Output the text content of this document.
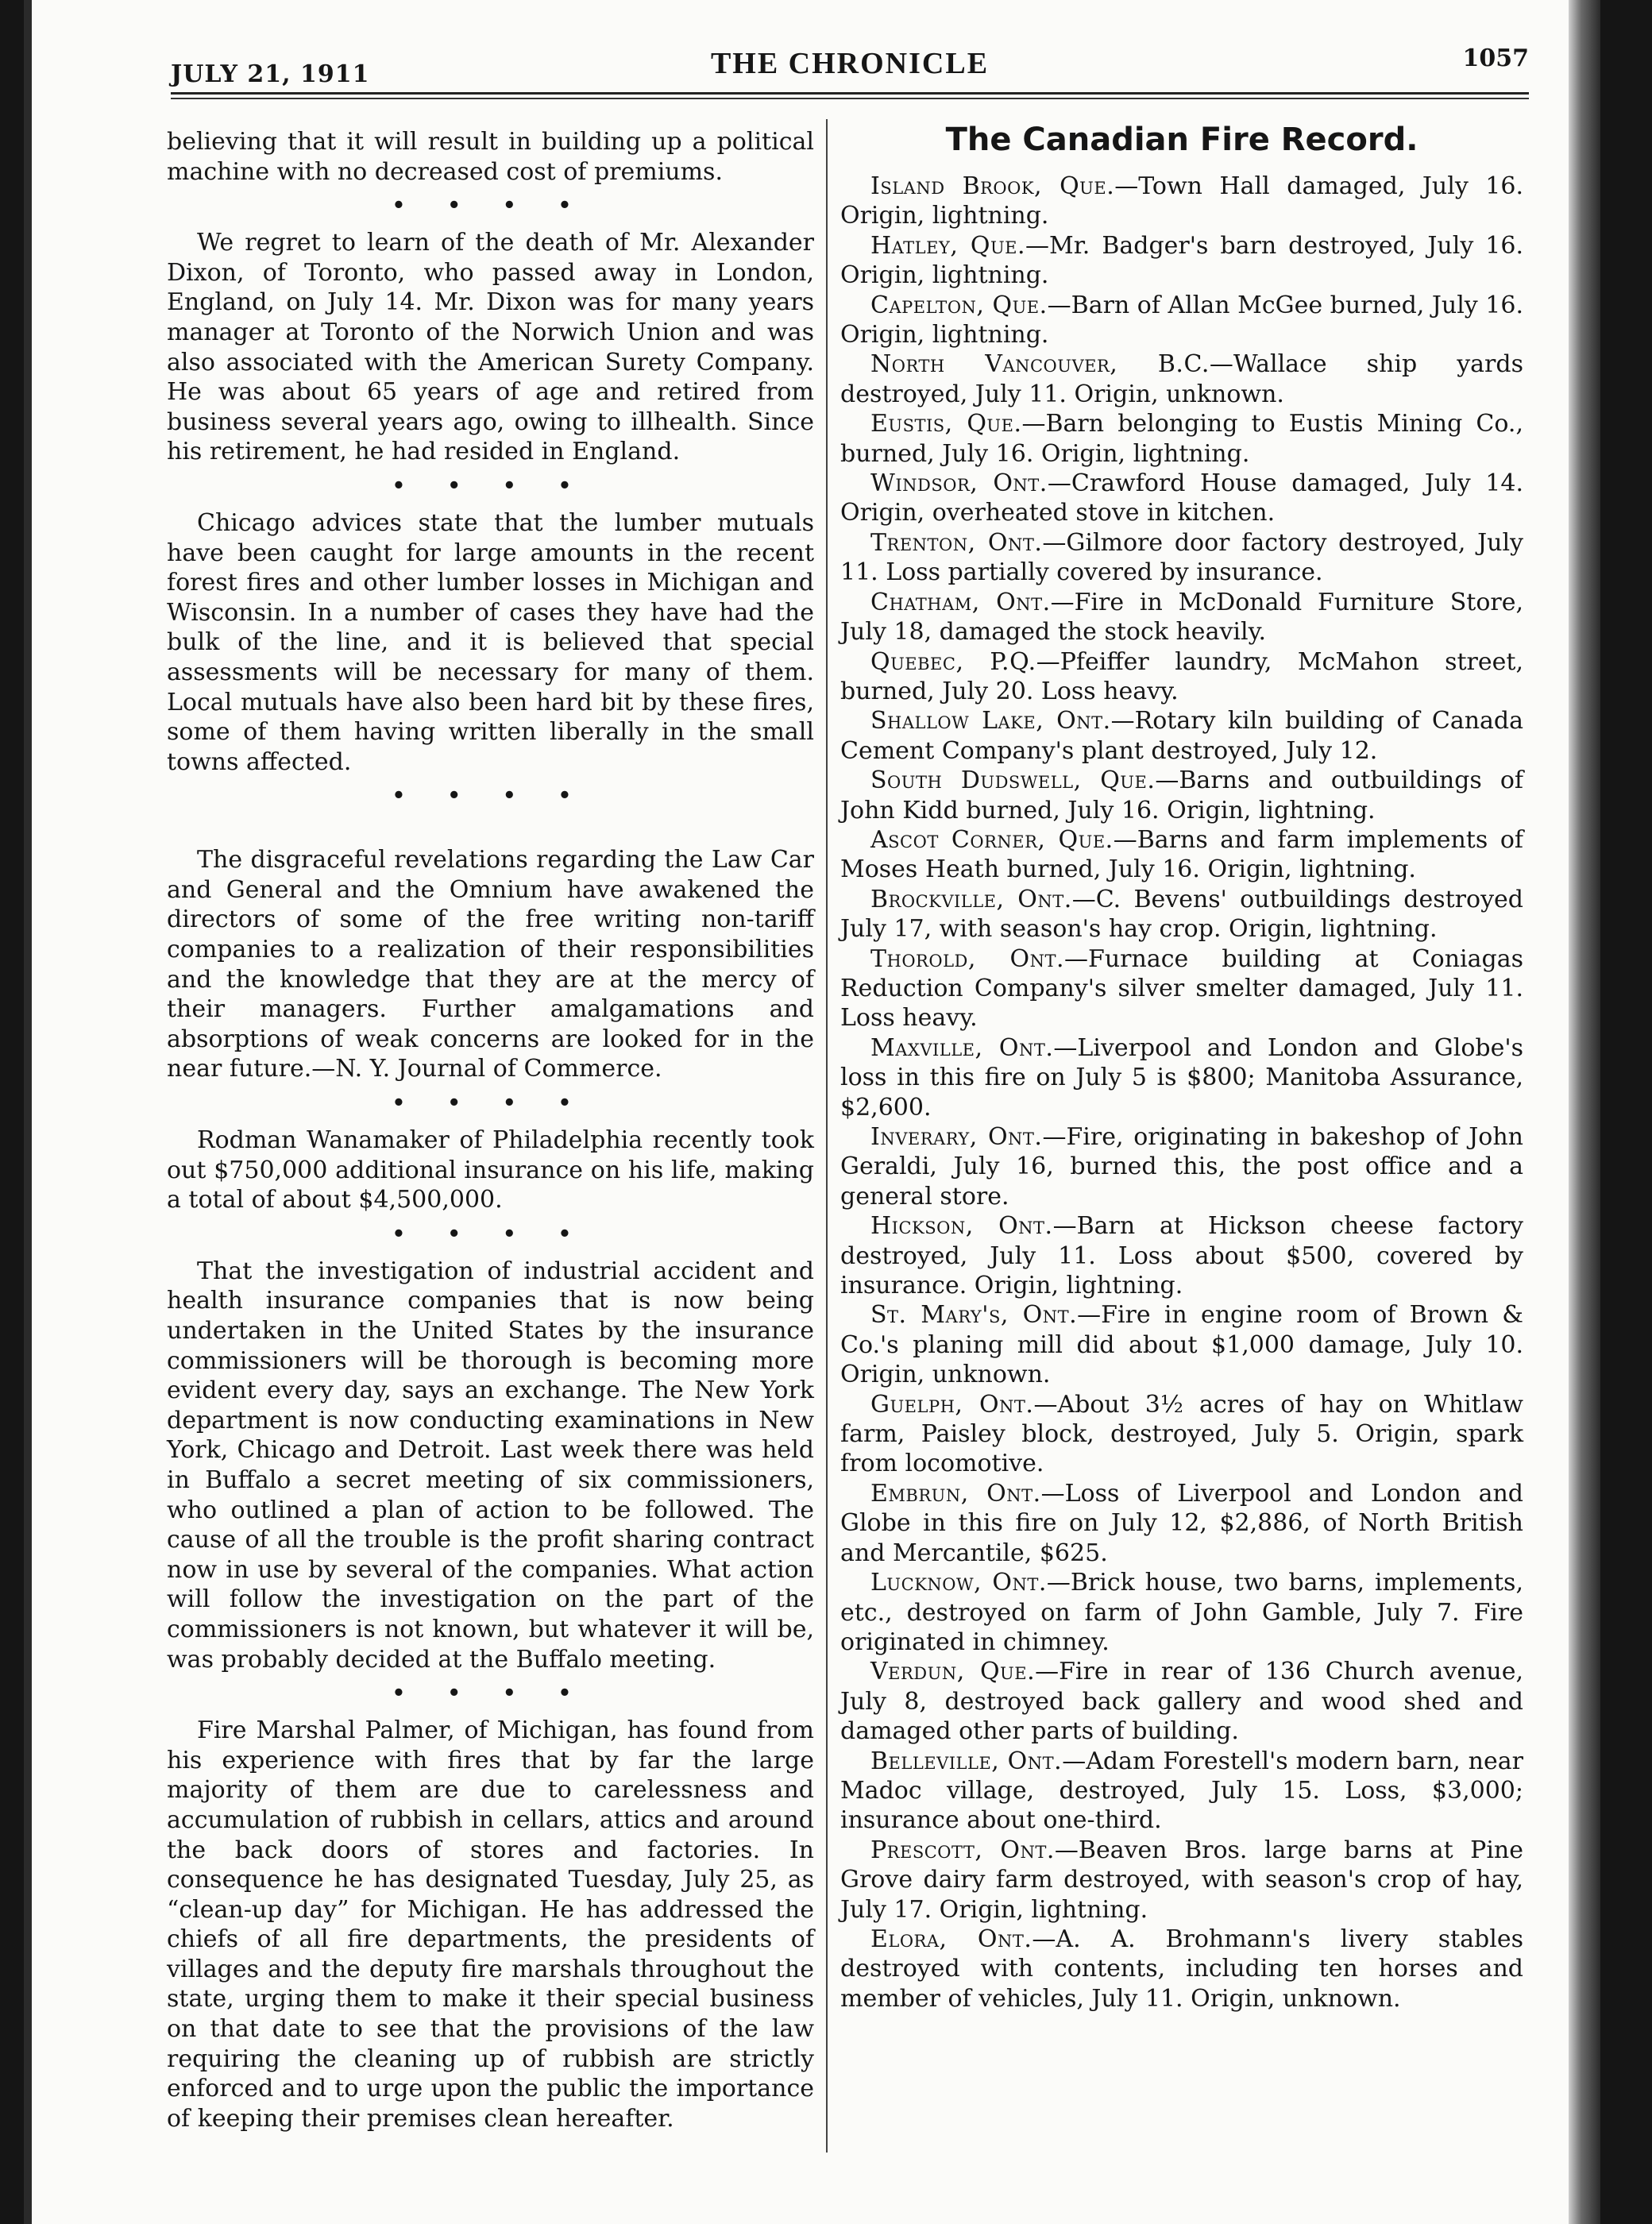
JULY 21, 1911	THE CHRONICLE	1057

believing that it will result in building up a political machine with no decreased cost of premiums.

• • • •

We regret to learn of the death of Mr. Alexander Dixon, of Toronto, who passed away in London, England, on July 14. Mr. Dixon was for many years manager at Toronto of the Norwich Union and was also associated with the American Surety Company. He was about 65 years of age and retired from business several years ago, owing to illhealth. Since his retirement, he had resided in England.

• • • •

Chicago advices state that the lumber mutuals have been caught for large amounts in the recent forest fires and other lumber losses in Michigan and Wisconsin. In a number of cases they have had the bulk of the line, and it is believed that special assessments will be necessary for many of them. Local mutuals have also been hard bit by these fires, some of them having written liberally in the small towns affected.

• • • •

The disgraceful revelations regarding the Law Car and General and the Omnium have awakened the directors of some of the free writing non-tariff companies to a realization of their responsibilities and the knowledge that they are at the mercy of their managers. Further amalgamations and absorptions of weak concerns are looked for in the near future.—N. Y. Journal of Commerce.

• • • •

Rodman Wanamaker of Philadelphia recently took out $750,000 additional insurance on his life, making a total of about $4,500,000.

• • • •

That the investigation of industrial accident and health insurance companies that is now being undertaken in the United States by the insurance commissioners will be thorough is becoming more evident every day, says an exchange. The New York department is now conducting examinations in New York, Chicago and Detroit. Last week there was held in Buffalo a secret meeting of six commissioners, who outlined a plan of action to be followed. The cause of all the trouble is the profit sharing contract now in use by several of the companies. What action will follow the investigation on the part of the commissioners is not known, but whatever it will be, was probably decided at the Buffalo meeting.

• • • •

Fire Marshal Palmer, of Michigan, has found from his experience with fires that by far the large majority of them are due to carelessness and accumulation of rubbish in cellars, attics and around the back doors of stores and factories. In consequence he has designated Tuesday, July 25, as “clean-up day” for Michigan. He has addressed the chiefs of all fire departments, the presidents of villages and the deputy fire marshals throughout the state, urging them to make it their special business on that date to see that the provisions of the law requiring the cleaning up of rubbish are strictly enforced and to urge upon the public the importance of keeping their premises clean hereafter.

The Canadian Fire Record.

Island Brook, Que.—Town Hall damaged, July 16. Origin, lightning.

Hatley, Que.—Mr. Badger's barn destroyed, July 16. Origin, lightning.

Capelton, Que.—Barn of Allan McGee burned, July 16. Origin, lightning.

North Vancouver, B.C.—Wallace ship yards destroyed, July 11. Origin, unknown.

Eustis, Que.—Barn belonging to Eustis Mining Co., burned, July 16. Origin, lightning.

Windsor, Ont.—Crawford House damaged, July 14. Origin, overheated stove in kitchen.

Trenton, Ont.—Gilmore door factory destroyed, July 11. Loss partially covered by insurance.

Chatham, Ont.—Fire in McDonald Furniture Store, July 18, damaged the stock heavily.

Quebec, P.Q.—Pfeiffer laundry, McMahon street, burned, July 20. Loss heavy.

Shallow Lake, Ont.—Rotary kiln building of Canada Cement Company's plant destroyed, July 12.

South Dudswell, Que.—Barns and outbuildings of John Kidd burned, July 16. Origin, lightning.

Ascot Corner, Que.—Barns and farm implements of Moses Heath burned, July 16. Origin, lightning.

Brockville, Ont.—C. Bevens' outbuildings destroyed July 17, with season's hay crop. Origin, lightning.

Thorold, Ont.—Furnace building at Coniagas Reduction Company's silver smelter damaged, July 11. Loss heavy.

Maxville, Ont.—Liverpool and London and Globe's loss in this fire on July 5 is $800; Manitoba Assurance, $2,600.

Inverary, Ont.—Fire, originating in bakeshop of John Geraldi, July 16, burned this, the post office and a general store.

Hickson, Ont.—Barn at Hickson cheese factory destroyed, July 11. Loss about $500, covered by insurance. Origin, lightning.

St. Mary's, Ont.—Fire in engine room of Brown & Co.'s planing mill did about $1,000 damage, July 10. Origin, unknown.

Guelph, Ont.—About 3½ acres of hay on Whitlaw farm, Paisley block, destroyed, July 5. Origin, spark from locomotive.

Embrun, Ont.—Loss of Liverpool and London and Globe in this fire on July 12, $2,886, of North British and Mercantile, $625.

Lucknow, Ont.—Brick house, two barns, implements, etc., destroyed on farm of John Gamble, July 7. Fire originated in chimney.

Verdun, Que.—Fire in rear of 136 Church avenue, July 8, destroyed back gallery and wood shed and damaged other parts of building.

Belleville, Ont.—Adam Forestell's modern barn, near Madoc village, destroyed, July 15. Loss, $3,000; insurance about one-third.

Prescott, Ont.—Beaven Bros. large barns at Pine Grove dairy farm destroyed, with season's crop of hay, July 17. Origin, lightning.

Elora, Ont.—A. A. Brohmann's livery stables destroyed with contents, including ten horses and member of vehicles, July 11. Origin, unknown.
